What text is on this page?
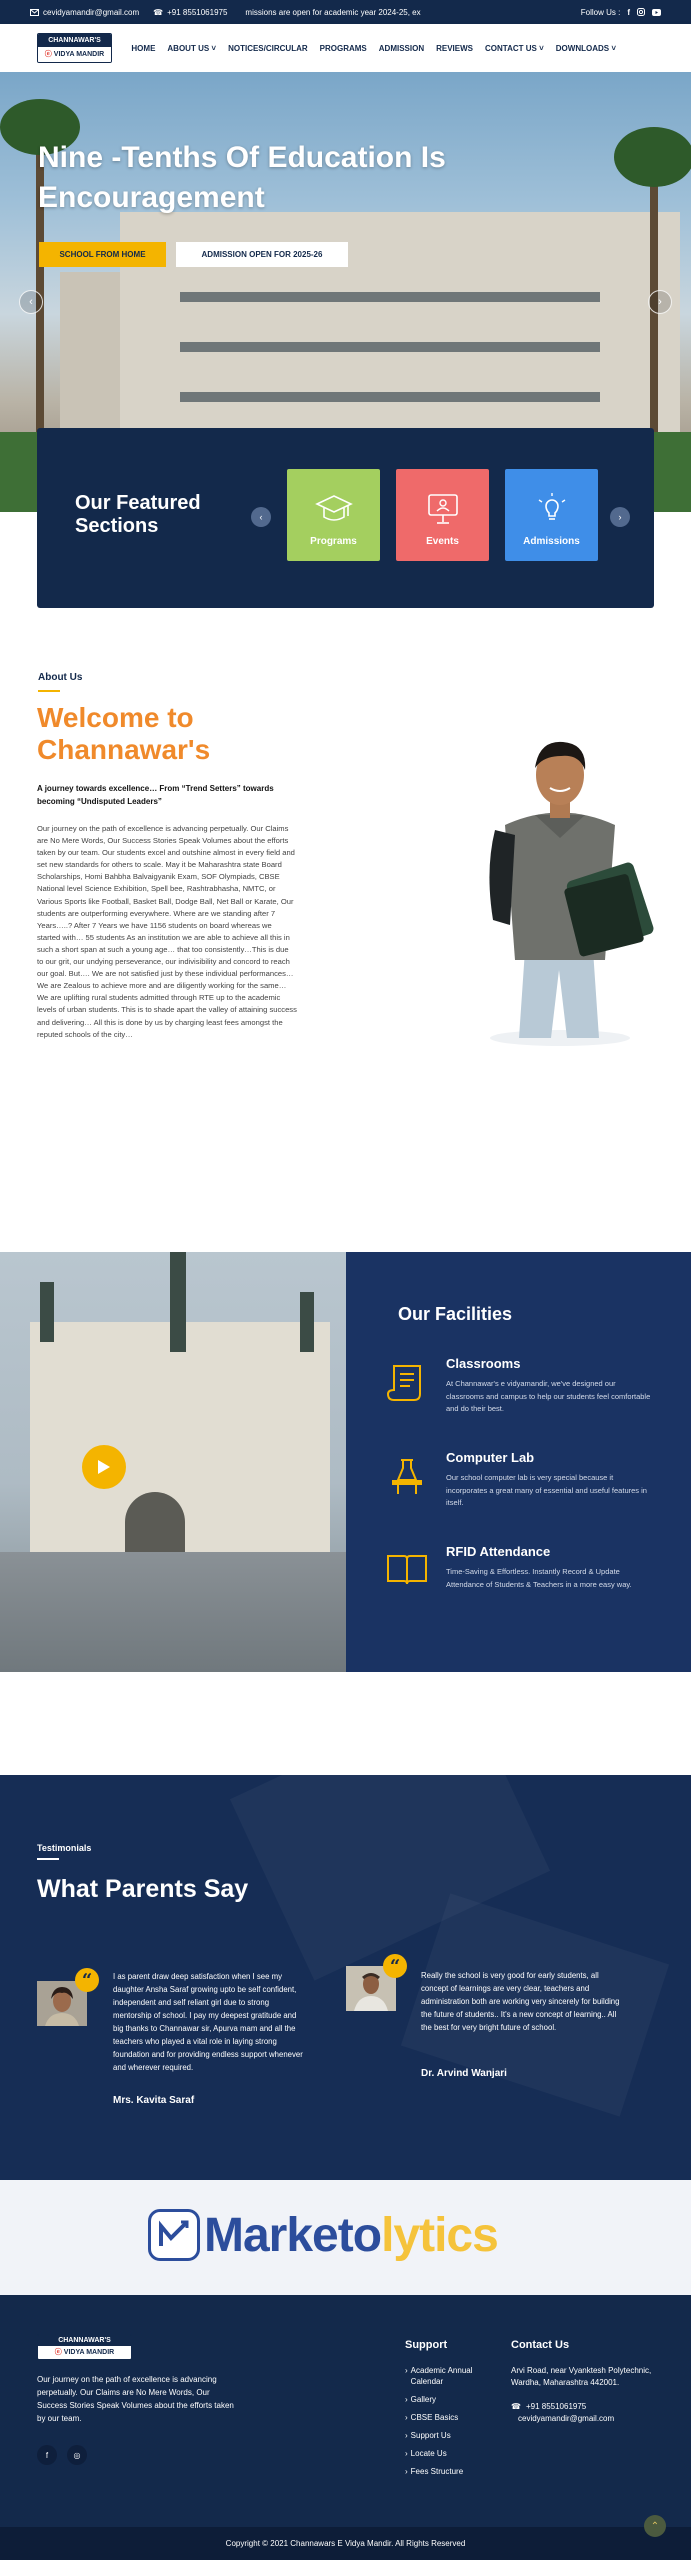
cevidyamandir@gmail.com ☎ +91 8551061975 missions are open for academic year 2024-25, ex	Follow Us : f
CHANNAWAR'S
ⓔ VIDYA MANDIR
HOME ABOUT US ˅ NOTICES/CIRCULAR PROGRAMS ADMISSION REVIEWS CONTACT US ˅ DOWNLOADS ˅
Nine -Tenths Of Education Is Encouragement
SCHOOL FROM HOME	ADMISSION OPEN FOR 2025-26
‹	›
Our Featured Sections	‹
Programs	Events	Admissions
›
About Us
Welcome to Channawar's
A journey towards excellence… From “Trend Setters” towards becoming “Undisputed Leaders”
Our journey on the path of excellence is advancing perpetually. Our Claims are No Mere Words, Our Success Stories Speak Volumes about the efforts taken by our team. Our students excel and outshine almost in every field and set new standards for others to scale. May it be Maharashtra state Board Scholarships, Homi Bahbha Balvaigyanik Exam, SOF Olympiads, CBSE National level Science Exhibition, Spell bee, Rashtrabhasha, NMTC, or Various Sports like Football, Basket Ball, Dodge Ball, Net Ball or Karate, Our students are outperforming everywhere. Where are we standing after 7 Years…..? After 7 Years we have 1156 students on board whereas we started with… 55 students As an institution we are able to achieve all this in such a short span at such a young age… that too consistently…This is due to our grit, our undying perseverance, our indivisibility and concord to reach our goal. But…. We are not satisfied just by these individual performances… We are Zealous to achieve more and are diligently working for the same… We are uplifting rural students admitted through RTE up to the academic levels of urban students. This is to shade apart the valley of attaining success and delivering… All this is done by us by charging least fees amongst the reputed schools of the city…
Our Facilities
Classrooms

At Channawar's e vidyamandir, we've designed our classrooms and campus to help our students feel comfortable and do their best.

Computer Lab

Our school computer lab is very special because it incorporates a great many of essential and useful features in itself.

RFID Attendance

Time-Saving & Effortless. Instantly Record & Update Attendance of Students & Teachers in a more easy way.

Testimonials
What Parents Say
“	I as parent draw deep satisfaction when I see my daughter Ansha Saraf growing upto be self confident, independent and self reliant girl due to strong mentorship of school. I pay my deepest gratitude and big thanks to Channawar sir, Apurva mam and all the teachers who played a vital role in laying strong foundation and for providing endless support whenever and wherever required.
Mrs. Kavita Saraf
“	Really the school is very good for early students, all concept of learnings are very clear, teachers and administration both are working very sincerely for building the future of students.. It's a new concept of learning.. All the best for very bright future of school.
Dr. Arvind Wanjari
Marketo lytics
CHANNAWAR'S
ⓔ VIDYA MANDIR
Our journey on the path of excellence is advancing perpetually. Our Claims are No Mere Words, Our Success Stories Speak Volumes about the efforts taken by our team.
f	◎
Support
› Academic Annual Calendar
› Gallery
› CBSE Basics
› Support Us
› Locate Us
› Fees Structure
Contact Us
Arvi Road, near Vyanktesh Polytechnic, Wardha, Maharashtra 442001.
☎ +91 8551061975
cevidyamandir@gmail.com
Copyright © 2021 Channawars E Vidya Mandir. All Rights Reserved
⌃
